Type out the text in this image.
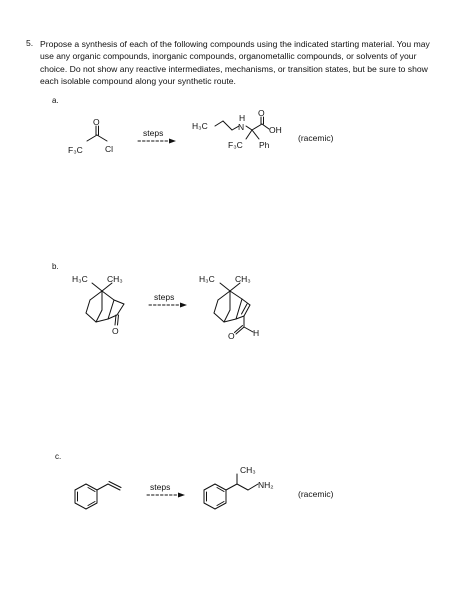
5. Propose a synthesis of each of the following compounds using the indicated starting material. You may use any organic compounds, inorganic compounds, organometallic compounds, or solvents of your choice. Do not show any reactive intermediates, mechanisms, or transition states, but be sure to show each isolable compound along your synthetic route.
a.
b.
c.
F₃C	Cl
O
steps
H₃C
H
N
O
OH
F₃C Ph
(racemic)
H₃C CH₃
O
steps
H₃C CH₃
O H
steps
CH₃
NH₂
(racemic)
